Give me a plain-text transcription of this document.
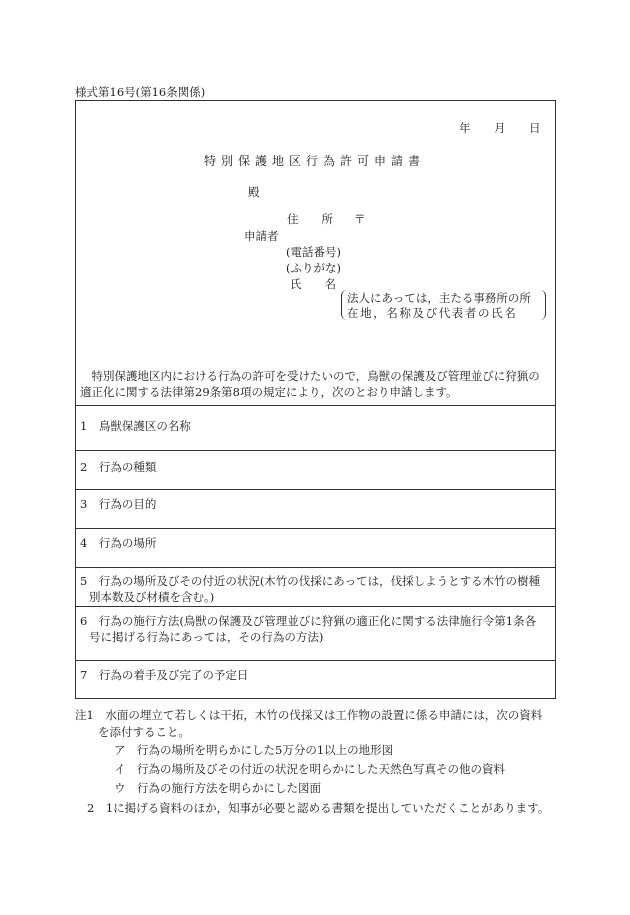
様式第16号(第16条関係)
年 月 日
特別保護地区行為許可申請書
殿
住　　所 〒
申請者
(電話番号)
(ふりがな)
氏　　名
法人にあっては，主たる事務所の所
在地，名称及び代表者の氏名
　特別保護地区内における行為の許可を受けたいので，鳥獣の保護及び管理並びに狩猟の
適正化に関する法律第29条第8項の規定により，次のとおり申請します。
1　鳥獣保護区の名称
2　行為の種類
3　行為の目的
4　行為の場所
5　行為の場所及びその付近の状況(木竹の伐採にあっては，伐採しようとする木竹の樹種
別本数及び材積を含む。)
6　行為の施行方法(鳥獣の保護及び管理並びに狩猟の適正化に関する法律施行令第1条各
号に掲げる行為にあっては，その行為の方法)
7　行為の着手及び完了の予定日
注1　水面の埋立て若しくは干拓，木竹の伐採又は工作物の設置に係る申請には，次の資料
を添付すること。
ア　行為の場所を明らかにした5万分の1以上の地形図
イ　行為の場所及びその付近の状況を明らかにした天然色写真その他の資料
ウ　行為の施行方法を明らかにした図面
2　1に掲げる資料のほか，知事が必要と認める書類を提出していただくことがあります。
